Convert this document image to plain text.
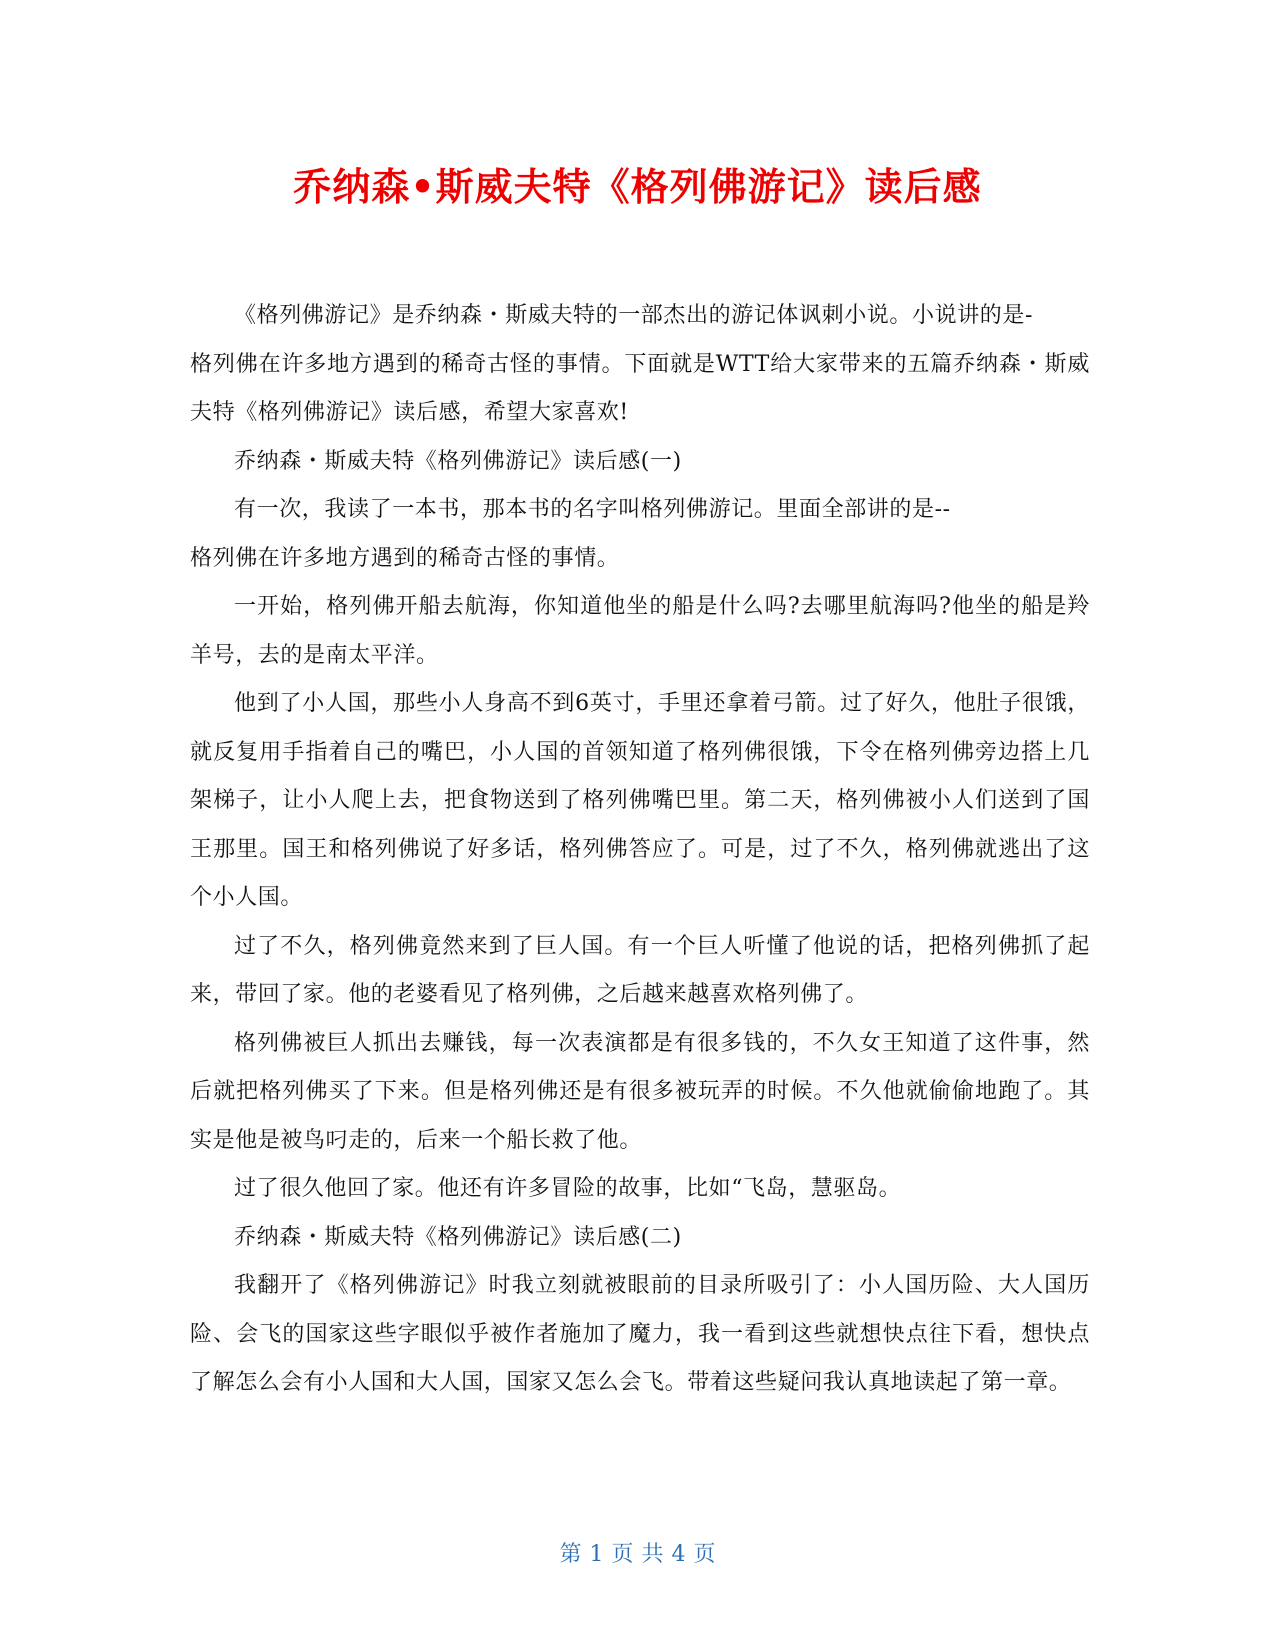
乔纳森•斯威夫特《格列佛游记》读后感

《格列佛游记》是乔纳森・斯威夫特的一部杰出的游记体讽刺小说。小说讲的是-

格列佛在许多地方遇到的稀奇古怪的事情。下面就是WTT给大家带来的五篇乔纳森・斯威夫特《格列佛游记》读后感，希望大家喜欢!

乔纳森・斯威夫特《格列佛游记》读后感(一)

有一次，我读了一本书，那本书的名字叫格列佛游记。里面全部讲的是--

格列佛在许多地方遇到的稀奇古怪的事情。

一开始，格列佛开船去航海，你知道他坐的船是什么吗?去哪里航海吗?他坐的船是羚羊号，去的是南太平洋。

他到了小人国，那些小人身高不到6英寸，手里还拿着弓箭。过了好久，他肚子很饿，就反复用手指着自己的嘴巴，小人国的首领知道了格列佛很饿，下令在格列佛旁边搭上几架梯子，让小人爬上去，把食物送到了格列佛嘴巴里。第二天，格列佛被小人们送到了国王那里。国王和格列佛说了好多话，格列佛答应了。可是，过了不久，格列佛就逃出了这个小人国。

过了不久，格列佛竟然来到了巨人国。有一个巨人听懂了他说的话，把格列佛抓了起来，带回了家。他的老婆看见了格列佛，之后越来越喜欢格列佛了。

格列佛被巨人抓出去赚钱，每一次表演都是有很多钱的，不久女王知道了这件事，然后就把格列佛买了下来。但是格列佛还是有很多被玩弄的时候。不久他就偷偷地跑了。其实是他是被鸟叼走的，后来一个船长救了他。

过了很久他回了家。他还有许多冒险的故事，比如“飞岛，慧驱岛。

乔纳森・斯威夫特《格列佛游记》读后感(二)

我翻开了《格列佛游记》时我立刻就被眼前的目录所吸引了：小人国历险、大人国历险、会飞的国家这些字眼似乎被作者施加了魔力，我一看到这些就想快点往下看，想快点了解怎么会有小人国和大人国，国家又怎么会飞。带着这些疑问我认真地读起了第一章。

第 1 页 共 4 页
